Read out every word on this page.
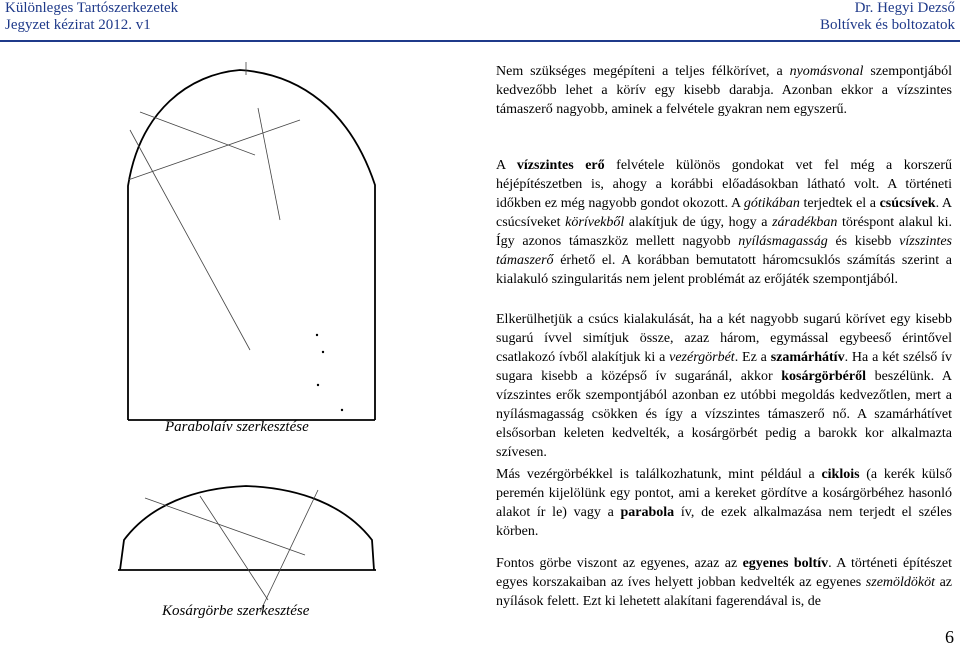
Különleges Tartószerkezetek
Jegyzet kézirat 2012. v1
Dr. Hegyi Dezső
Boltívek és boltozatok
Parabolaív szerkesztése
Kosárgörbe szerkesztése

Nem szükséges megépíteni a teljes félkörívet, a nyomásvonal szempontjából kedvezőbb lehet a körív egy kisebb darabja. Azonban ekkor a vízszintes támaszerő nagyobb, aminek a felvétele gyakran nem egyszerű.

A vízszintes erő felvétele különös gondokat vet fel még a korszerű héjépítészetben is, ahogy a korábbi előadásokban látható volt. A történeti időkben ez még nagyobb gondot okozott. A gótikában terjedtek el a csúcsívek. A csúcsíveket körívekből alakítjuk de úgy, hogy a záradékban töréspont alakul ki. Így azonos támaszköz mellett nagyobb nyílásmagasság és kisebb vízszintes támaszerő érhető el. A korábban bemutatott háromcsuklós számítás szerint a kialakuló szingularitás nem jelent problémát az erőjáték szempontjából.

Elkerülhetjük a csúcs kialakulását, ha a két nagyobb sugarú körívet egy kisebb sugarú ívvel simítjuk össze, azaz három, egymással egybeeső érintővel csatlakozó ívből alakítjuk ki a vezérgörbét. Ez a szamárhátív. Ha a két szélső ív sugara kisebb a középső ív sugaránál, akkor kosárgörbéről beszélünk. A vízszintes erők szempontjából azonban ez utóbbi megoldás kedvezőtlen, mert a nyílásmagasság csökken és így a vízszintes támaszerő nő. A szamárhátívet elsősorban keleten kedvelték, a kosárgörbét pedig a barokk kor alkalmazta szívesen.

Más vezérgörbékkel is találkozhatunk, mint például a ciklois (a kerék külső peremén kijelölünk egy pontot, ami a kereket gördítve a kosárgörbéhez hasonló alakot ír le) vagy a parabola ív, de ezek alkalmazása nem terjedt el széles körben.

Fontos görbe viszont az egyenes, azaz az egyenes boltív. A történeti építészet egyes korszakaiban az íves helyett jobban kedvelték az egyenes szemöldököt az nyílások felett. Ezt ki lehetett alakítani fagerendával is, de

6
